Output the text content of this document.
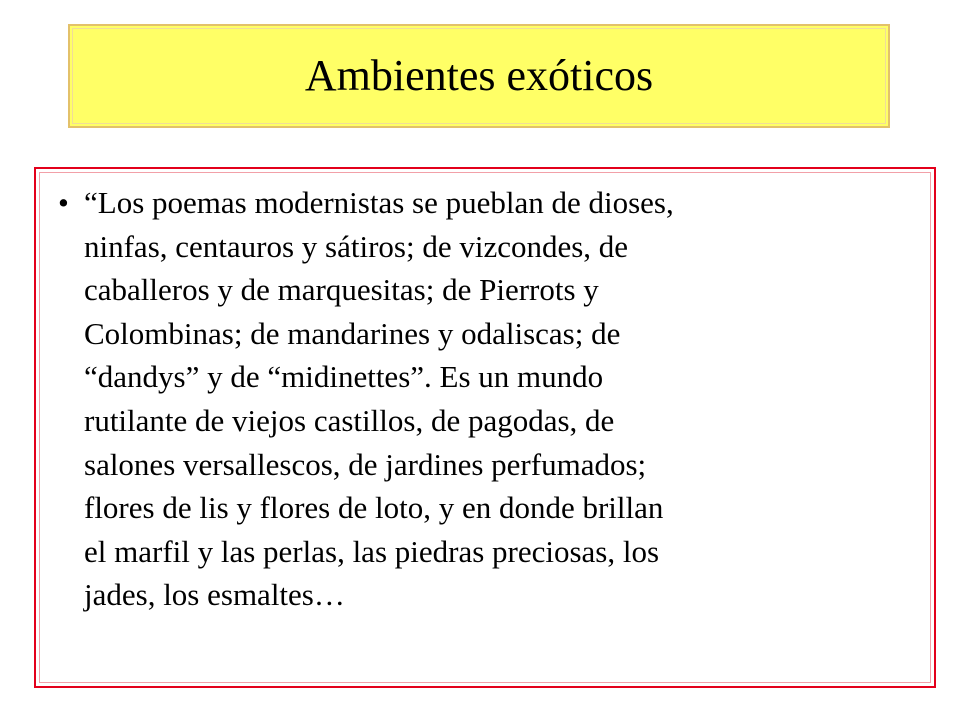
Ambientes exóticos
• “Los poemas modernistas se pueblan de dioses,
ninfas, centauros y sátiros; de vizcondes, de
caballeros y de marquesitas; de Pierrots y
Colombinas; de mandarines y odaliscas; de
“dandys” y de “midinettes”. Es un mundo
rutilante de viejos castillos, de pagodas, de
salones versallescos, de jardines perfumados;
flores de lis y flores de loto, y en donde brillan
el marfil y las perlas, las piedras preciosas, los
jades, los esmaltes…
